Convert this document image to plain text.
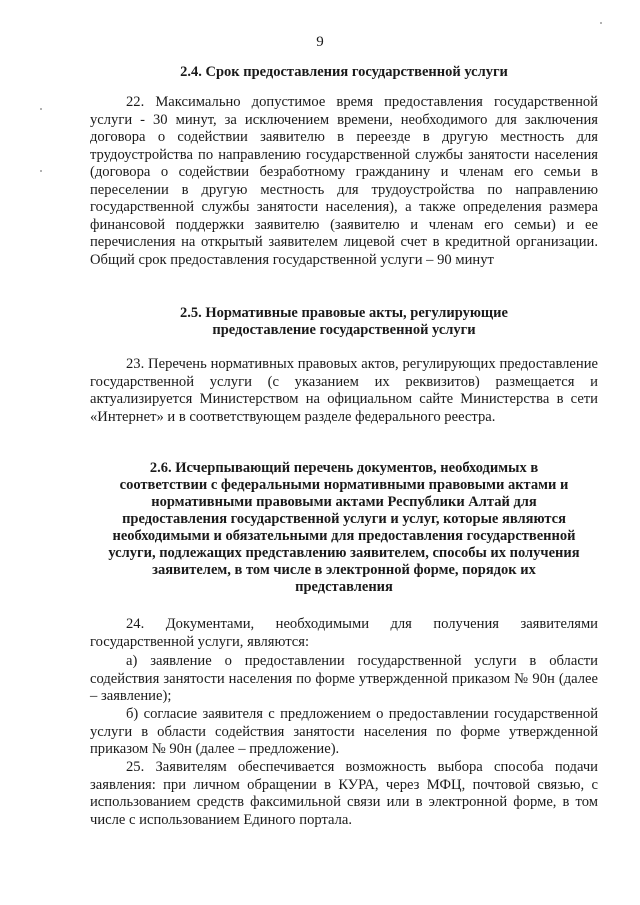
9
2.4. Срок предоставления государственной услуги
22. Максимально допустимое время предоставления государственной услуги - 30 минут, за исключением времени, необходимого для заключения договора о содействии заявителю в переезде в другую местность для трудоустройства по направлению государственной службы занятости населения (договора о содействии безработному гражданину и членам его семьи в переселении в другую местность для трудоустройства по направлению государственной службы занятости населения), а также определения размера финансовой поддержки заявителю (заявителю и членам его семьи) и ее перечисления на открытый заявителем лицевой счет в кредитной организации. Общий срок предоставления государственной услуги – 90 минут
2.5. Нормативные правовые акты, регулирующие
предоставление государственной услуги
23. Перечень нормативных правовых актов, регулирующих предоставление государственной услуги (с указанием их реквизитов) размещается и актуализируется Министерством на официальном сайте Министерства в сети «Интернет» и в соответствующем разделе федерального реестра.
2.6. Исчерпывающий перечень документов, необходимых в
соответствии с федеральными нормативными правовыми актами и
нормативными правовыми актами Республики Алтай для
предоставления государственной услуги и услуг, которые являются
необходимыми и обязательными для предоставления государственной
услуги, подлежащих представлению заявителем, способы их получения
заявителем, в том числе в электронной форме, порядок их
представления
24. Документами, необходимыми для получения заявителями государственной услуги, являются:
а) заявление о предоставлении государственной услуги в области содействия занятости населения по форме утвержденной приказом № 90н (далее – заявление);
б) согласие заявителя с предложением о предоставлении государственной услуги в области содействия занятости населения по форме утвержденной приказом № 90н (далее – предложение).
25. Заявителям обеспечивается возможность выбора способа подачи заявления: при личном обращении в КУРА, через МФЦ, почтовой связью, с использованием средств факсимильной связи или в электронной форме, в том числе с использованием Единого портала.
